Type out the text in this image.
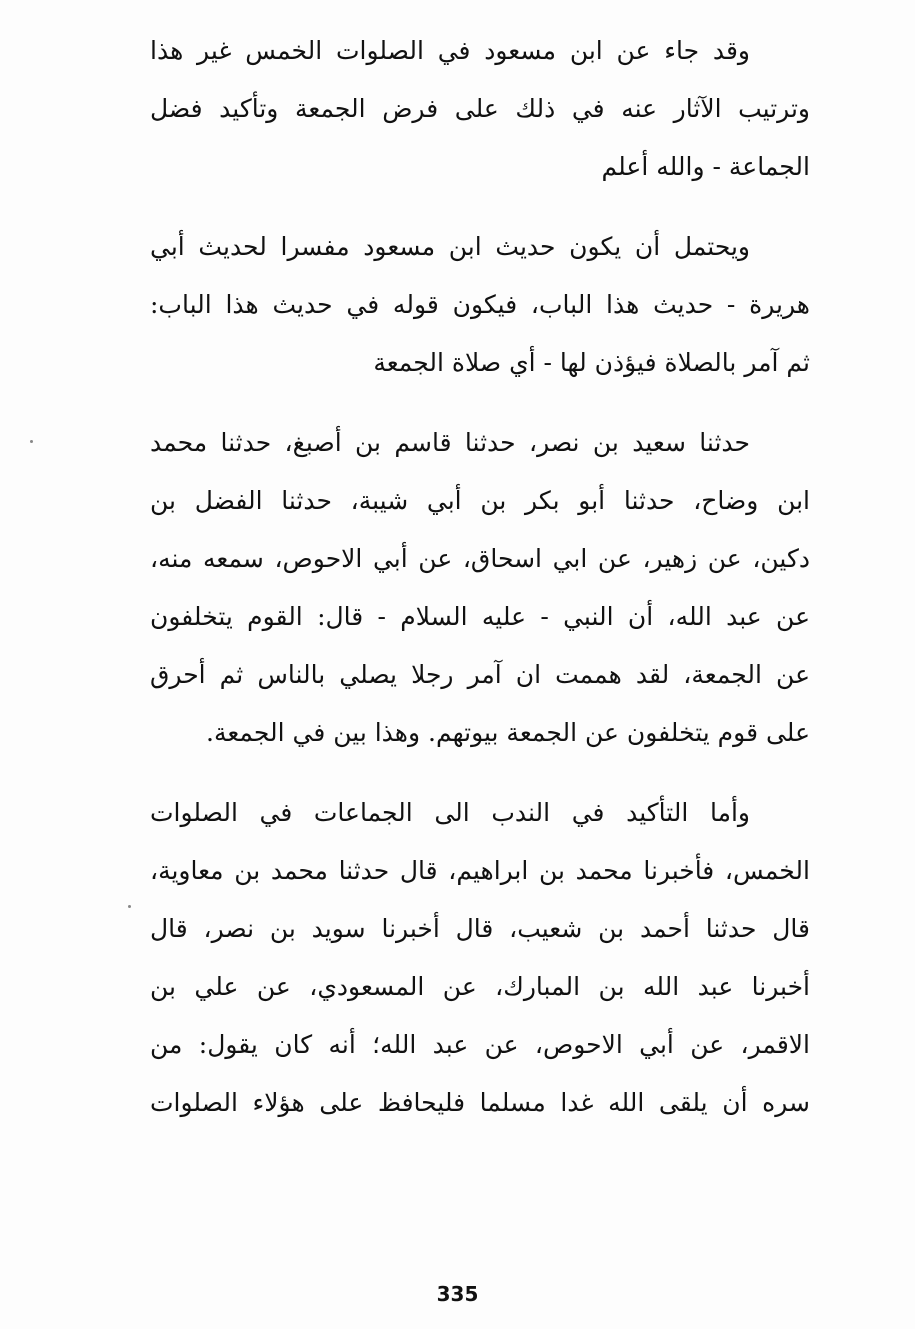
وقد جاء عن ابن مسعود في الصلوات الخمس غير هذا
وترتيب الآثار عنه في ذلك على فرض الجمعة وتأكيد فضل
الجماعة - والله أعلم
ويحتمل أن يكون حديث ابن مسعود مفسرا لحديث أبي
هريرة - حديث هذا الباب، فيكون قوله في حديث هذا الباب:
ثم آمر بالصلاة فيؤذن لها - أي صلاة الجمعة
حدثنا سعيد بن نصر، حدثنا قاسم بن أصبغ، حدثنا محمد
ابن وضاح، حدثنا أبو بكر بن أبي شيبة، حدثنا الفضل بن
دكين، عن زهير، عن ابي اسحاق، عن أبي الاحوص، سمعه منه،
عن عبد الله، أن النبي - عليه السلام - قال: القوم يتخلفون
عن الجمعة، لقد هممت ان آمر رجلا يصلي بالناس ثم أحرق
على قوم يتخلفون عن الجمعة بيوتهم. وهذا بين في الجمعة.
وأما التأكيد في الندب الى الجماعات في الصلوات
الخمس، فأخبرنا محمد بن ابراهيم، قال حدثنا محمد بن معاوية،
قال حدثنا أحمد بن شعيب، قال أخبرنا سويد بن نصر، قال
أخبرنا عبد الله بن المبارك، عن المسعودي، عن علي بن
الاقمر، عن أبي الاحوص، عن عبد الله؛ أنه كان يقول: من
سره أن يلقى الله غدا مسلما فليحافظ على هؤلاء الصلوات
335
